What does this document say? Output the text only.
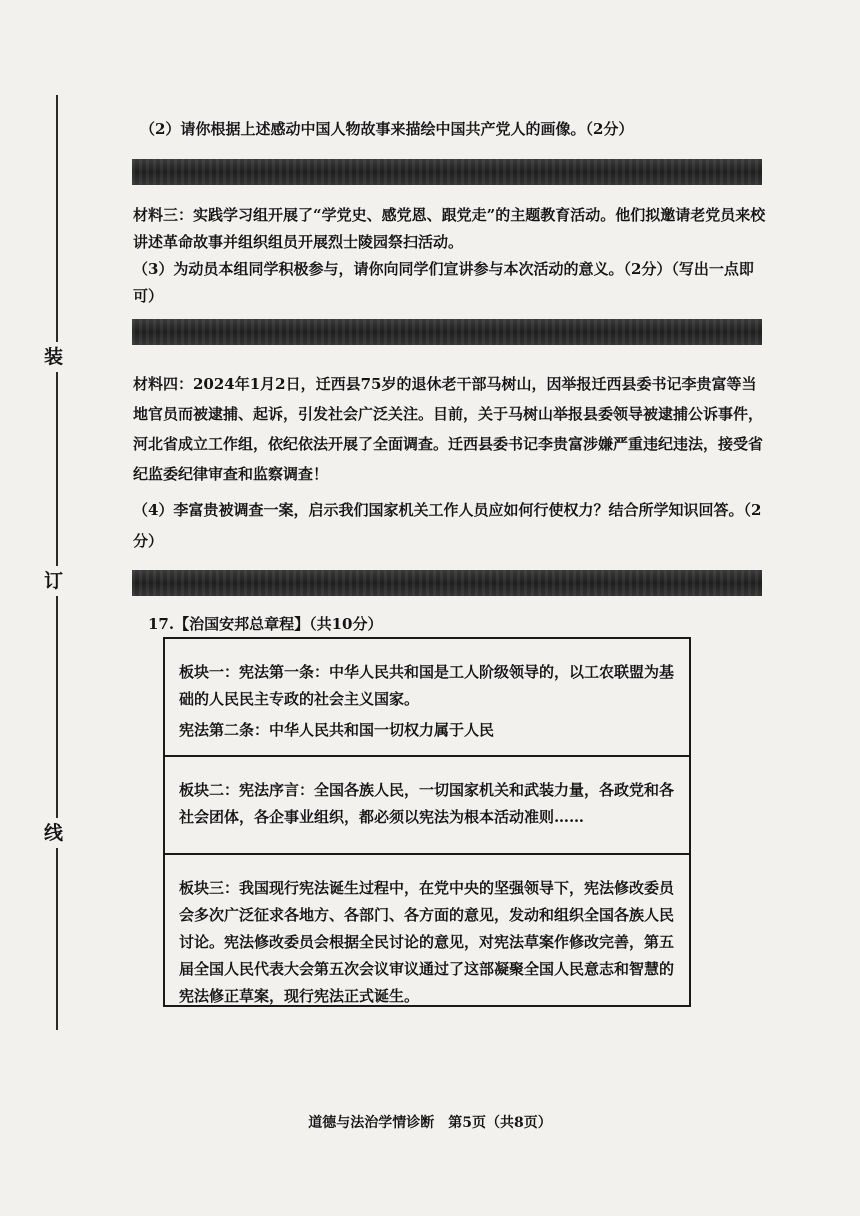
装
订
线

（2）请你根据上述感动中国人物故事来描绘中国共产党人的画像。（2分）

材料三：实践学习组开展了“学党史、感党恩、跟党走”的主题教育活动。他们拟邀请老党员来校讲述革命故事并组织组员开展烈士陵园祭扫活动。

（3）为动员本组同学积极参与，请你向同学们宣讲参与本次活动的意义。（2分）（写出一点即可）

材料四：2024年1月2日，迁西县75岁的退休老干部马树山，因举报迁西县委书记李贵富等当地官员而被逮捕、起诉，引发社会广泛关注。目前，关于马树山举报县委领导被逮捕公诉事件，河北省成立工作组，依纪依法开展了全面调查。迁西县委书记李贵富涉嫌严重违纪违法，接受省纪监委纪律审查和监察调查！

（4）李富贵被调查一案，启示我们国家机关工作人员应如何行使权力？结合所学知识回答。（2分）

17.【治国安邦总章程】（共10分）

板块一：宪法第一条：中华人民共和国是工人阶级领导的，以工农联盟为基础的人民民主专政的社会主义国家。

宪法第二条：中华人民共和国一切权力属于人民

板块二：宪法序言：全国各族人民，一切国家机关和武装力量，各政党和各社会团体，各企事业组织，都必须以宪法为根本活动准则……

板块三：我国现行宪法诞生过程中，在党中央的坚强领导下，宪法修改委员会多次广泛征求各地方、各部门、各方面的意见，发动和组织全国各族人民讨论。宪法修改委员会根据全民讨论的意见，对宪法草案作修改完善，第五届全国人民代表大会第五次会议审议通过了这部凝聚全国人民意志和智慧的宪法修正草案，现行宪法正式诞生。

道德与法治学情诊断　第5页（共8页）
